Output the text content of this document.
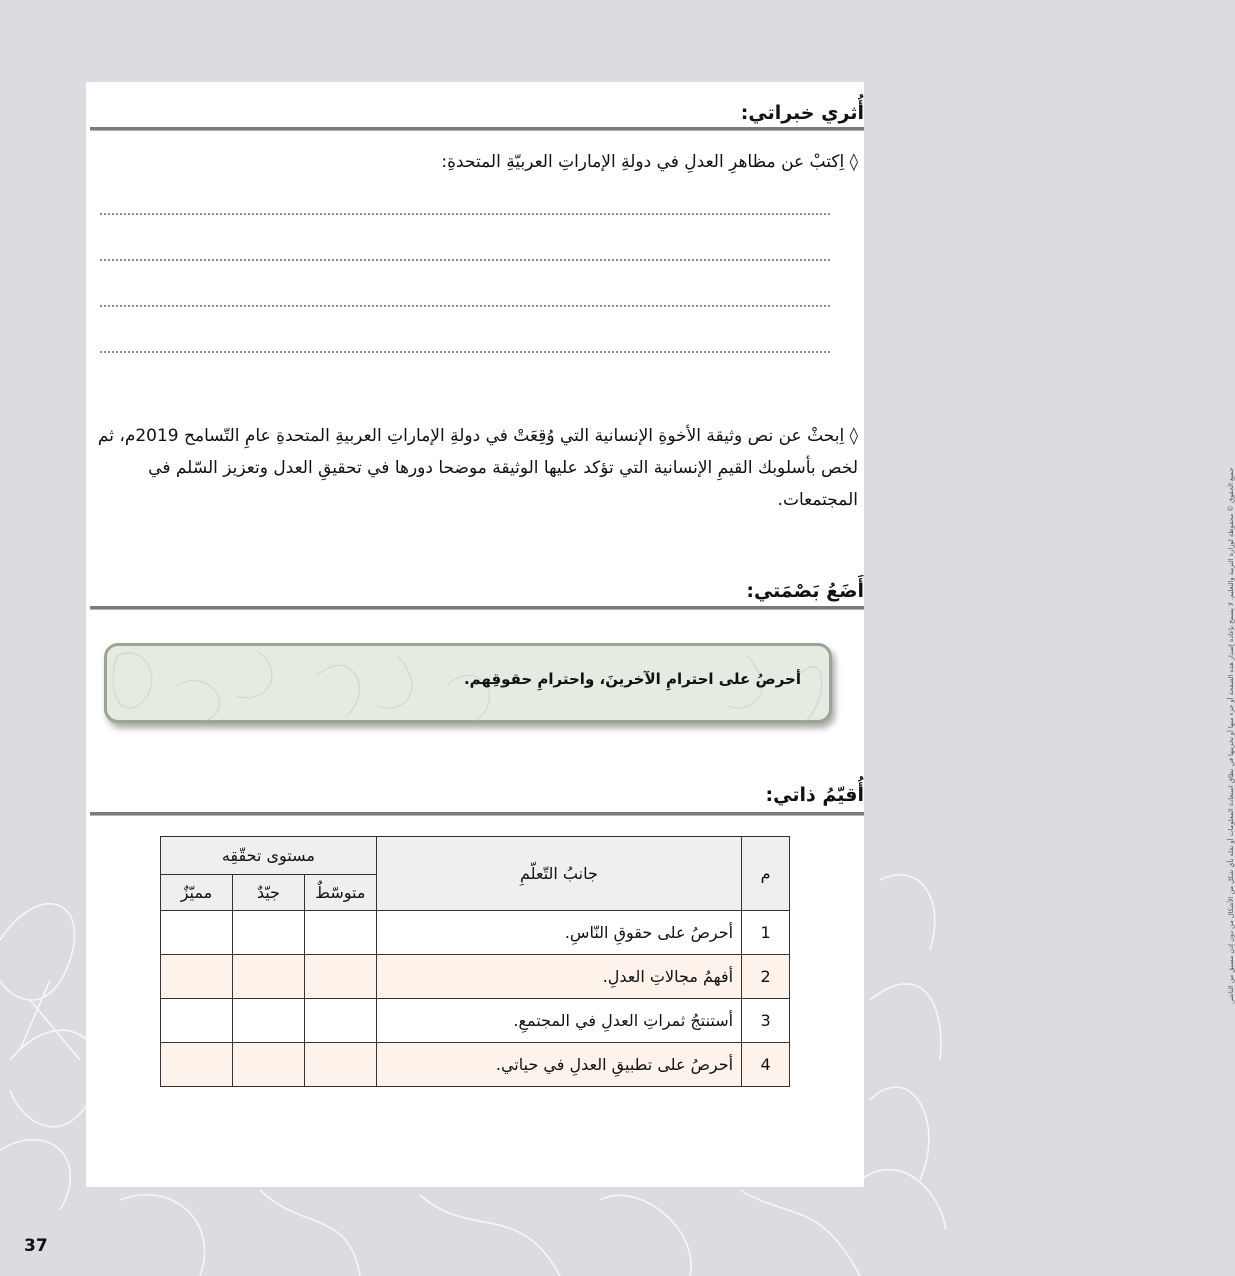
أُثري خبراتي:
◊ اِكتبْ عن مظاهرِ العدلِ في دولةِ الإماراتِ العربيّةِ المتحدةِ:
◊ اِبحثْ عن نص وثيقة الأخوةِ الإنسانية التي وُقِعَتْ في دولةِ الإماراتِ العربيةِ المتحدةِ عامِ التّسامح 2019م، ثم لخص بأسلوبك القيمِ الإنسانية التي تؤكد عليها الوثيقة موضحا دورها في تحقيقِ العدل وتعزيز السّلم في المجتمعات.
أَضَعُ بَصْمَتي:
أحرصُ على احترامِ الآخرينَ، واحترامِ حقوقِهم.
أُقيّمُ ذاتي:
م	جانبُ التّعلّمِ	مستوى تحقّقِه		
		متوسّطٌ	جيّدٌ	مميّزٌ
1	أحرصُ على حقوقِ النّاسِ.			
2	أفهمُ مجالاتِ العدلِ.			
3	أستنتجُ ثمراتِ العدلِ في المجتمعِ.			
4	أحرصُ على تطبيقِ العدلِ في حياتي.			
جميع الحقوق © محفوظة لوزارة التربية والتعليم. لا يسمح بإعادة إصدار هذه الصفحة أو جزء منها أو تخزينها في نطاق استعادة المعلومات أو نقله بأي شكل من الأشكال من دون إذن مسبق من الناشر.
37
